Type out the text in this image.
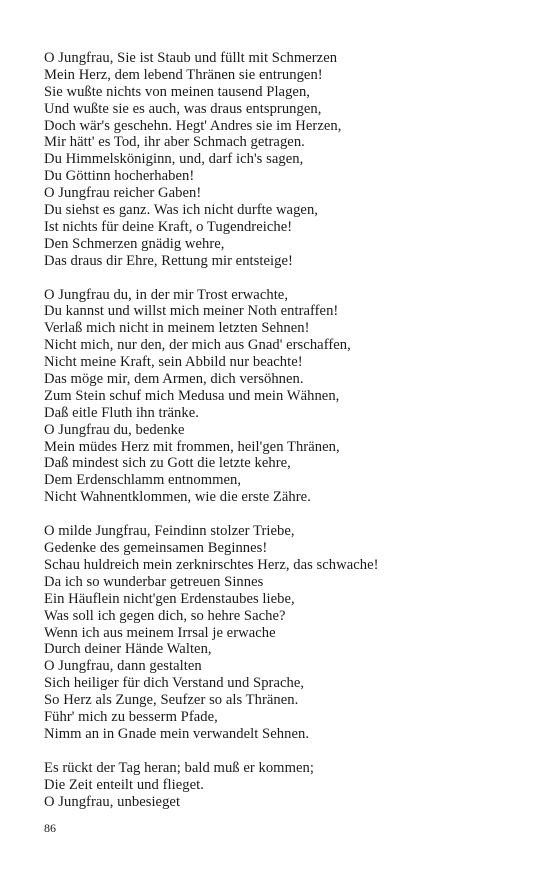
O Jungfrau, Sie ist Staub und füllt mit Schmerzen
Mein Herz, dem lebend Thränen sie entrungen!
Sie wußte nichts von meinen tausend Plagen,
Und wußte sie es auch, was draus entsprungen,
Doch wär's geschehn. Hegt' Andres sie im Herzen,
Mir hätt' es Tod, ihr aber Schmach getragen.
Du Himmelsköniginn, und, darf ich's sagen,
Du Göttinn hocherhaben!
O Jungfrau reicher Gaben!
Du siehst es ganz. Was ich nicht durfte wagen,
Ist nichts für deine Kraft, o Tugendreiche!
Den Schmerzen gnädig wehre,
Das draus dir Ehre, Rettung mir entsteige!
O Jungfrau du, in der mir Trost erwachte,
Du kannst und willst mich meiner Noth entraffen!
Verlaß mich nicht in meinem letzten Sehnen!
Nicht mich, nur den, der mich aus Gnad' erschaffen,
Nicht meine Kraft, sein Abbild nur beachte!
Das möge mir, dem Armen, dich versöhnen.
Zum Stein schuf mich Medusa und mein Wähnen,
Daß eitle Fluth ihn tränke.
O Jungfrau du, bedenke
Mein müdes Herz mit frommen, heil'gen Thränen,
Daß mindest sich zu Gott die letzte kehre,
Dem Erdenschlamm entnommen,
Nicht Wahnentklommen, wie die erste Zähre.
O milde Jungfrau, Feindinn stolzer Triebe,
Gedenke des gemeinsamen Beginnes!
Schau huldreich mein zerknirschtes Herz, das schwache!
Da ich so wunderbar getreuen Sinnes
Ein Häuflein nicht'gen Erdenstaubes liebe,
Was soll ich gegen dich, so hehre Sache?
Wenn ich aus meinem Irrsal je erwache
Durch deiner Hände Walten,
O Jungfrau, dann gestalten
Sich heiliger für dich Verstand und Sprache,
So Herz als Zunge, Seufzer so als Thränen.
Führ' mich zu besserm Pfade,
Nimm an in Gnade mein verwandelt Sehnen.
Es rückt der Tag heran; bald muß er kommen;
Die Zeit enteilt und flieget.
O Jungfrau, unbesieget
86
